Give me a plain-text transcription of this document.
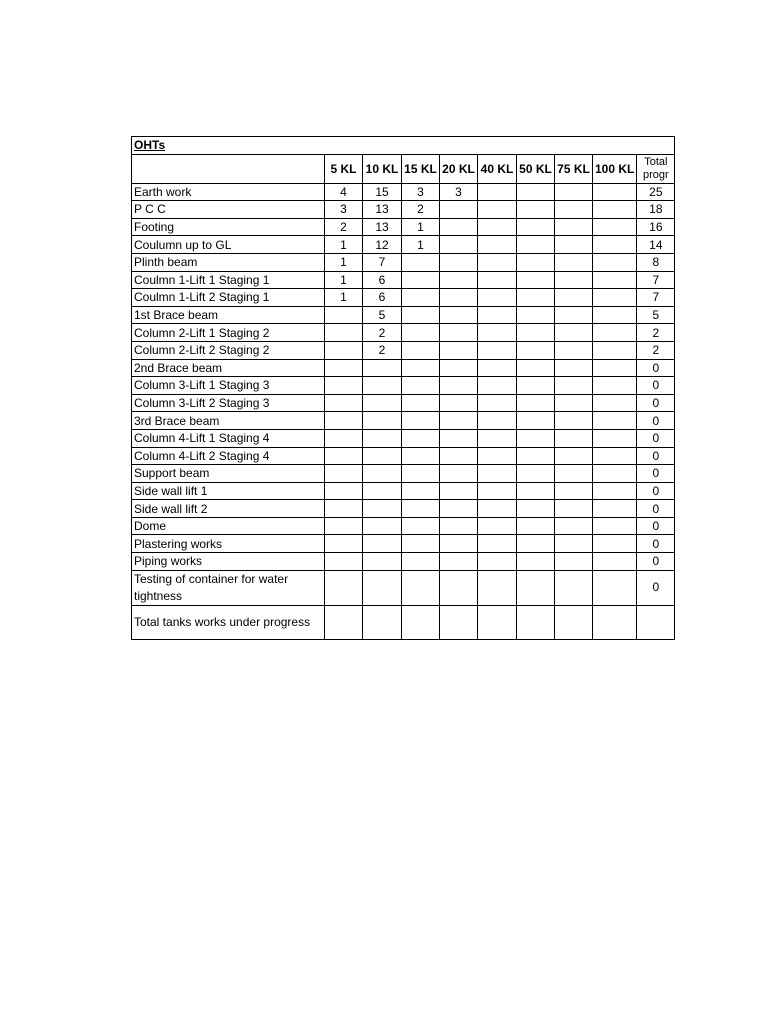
OHTs									
	5 KL	10 KL	15 KL	20 KL	40 KL	50 KL	75 KL	100 KL	Total progr
Earth work	4	15	3	3					25
P C C	3	13	2						18
Footing	2	13	1						16
Coulumn up to GL	1	12	1						14
Plinth beam	1	7							8
Coulmn 1-Lift 1 Staging 1	1	6							7
Coulmn 1-Lift 2 Staging 1	1	6							7
1st Brace beam		5							5
Column 2-Lift 1 Staging 2		2							2
Column 2-Lift 2 Staging 2		2							2
2nd Brace beam									0
Column 3-Lift 1 Staging 3									0
Column 3-Lift 2 Staging 3									0
3rd Brace beam									0
Column 4-Lift 1 Staging 4									0
Column 4-Lift 2 Staging 4									0
Support beam									0
Side wall lift 1									0
Side wall lift 2									0
Dome									0
Plastering works									0
Piping works									0
Testing of container for water tightness									0
Total tanks works under progress									
